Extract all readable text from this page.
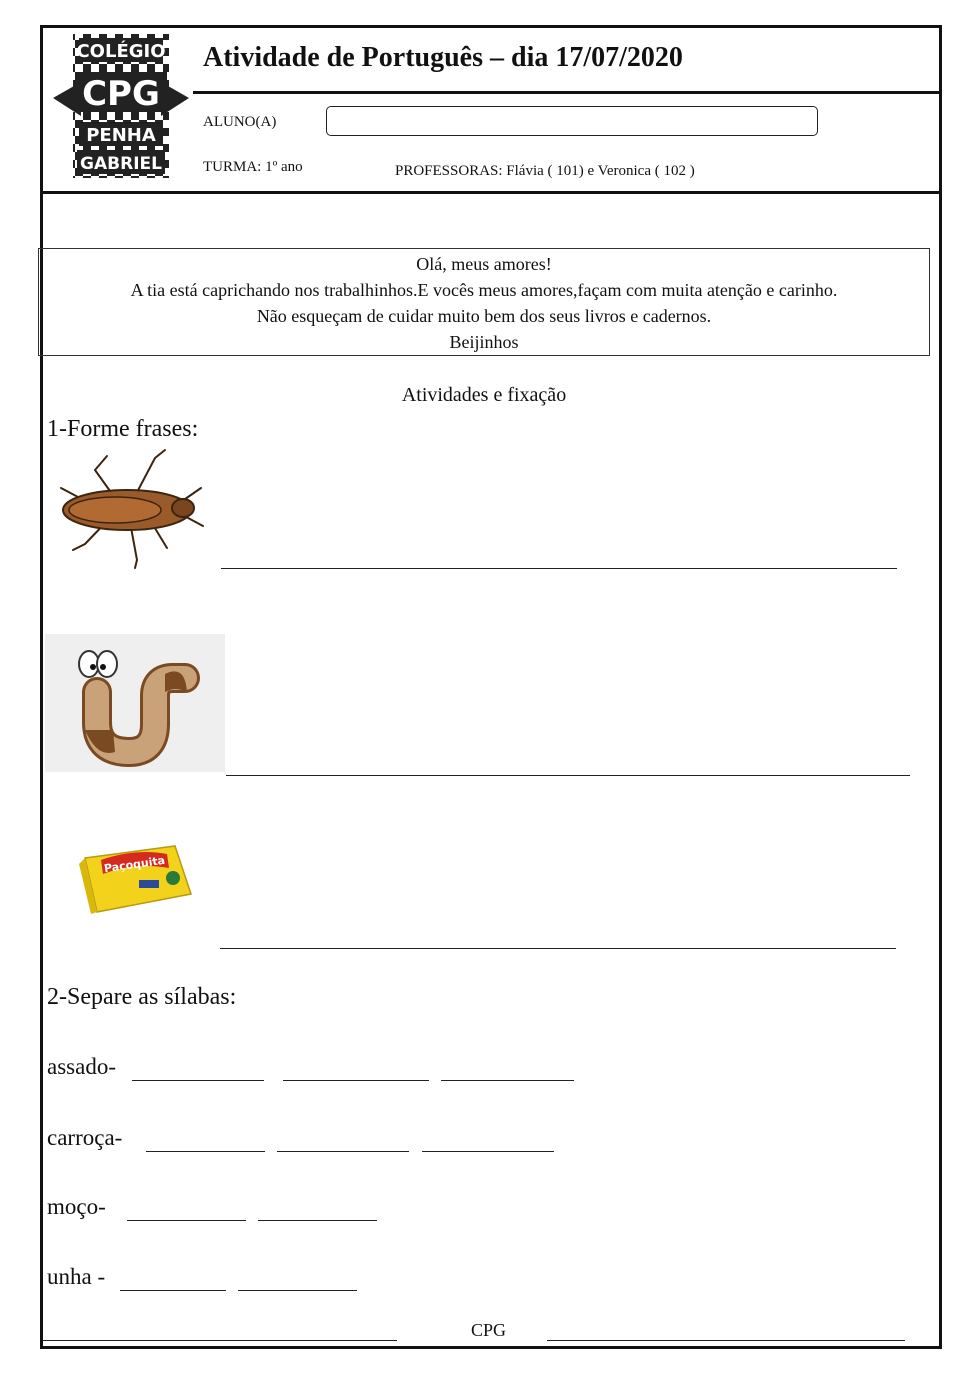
COLÉGIO
CPG
PENHA
GABRIEL
Atividade de Português – dia 17/07/2020
ALUNO(A)
TURMA: 1º ano	PROFESSORAS: Flávia ( 101) e Veronica ( 102 )
Olá, meus amores!
A tia está caprichando nos trabalhinhos.E vocês meus amores,façam com muita atenção e carinho.
Não esqueçam de cuidar muito bem dos seus livros e cadernos.
Beijinhos
Atividades e fixação
1-Forme frases:
Paçoquita
2-Separe as sílabas:
assado-
carroça-
moço-
unha -
CPG
